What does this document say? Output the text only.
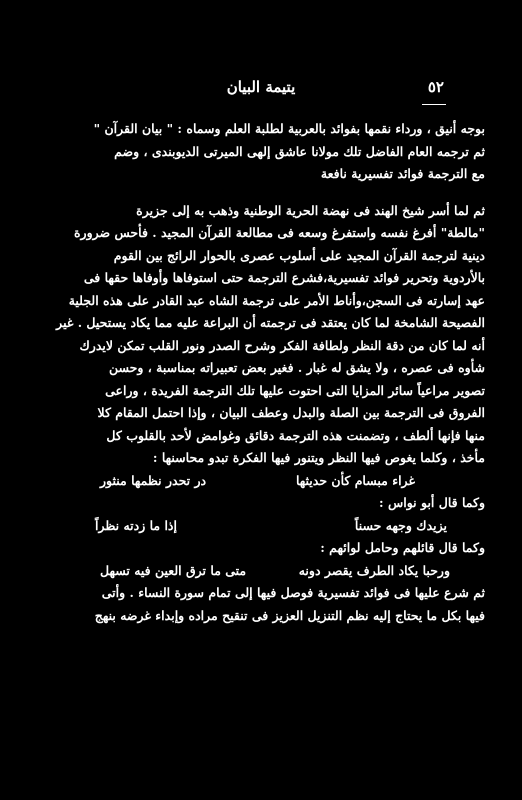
٥٢
يتيمة البيان
بوجه أنيق ، ورداء نقمها بفوائد بالعربية لطلبة العلم وسماه : " بيان القرآن "
ثم ترجمه العام الفاضل تلك مولانا عاشق إلهى الميرتى الديوبندى ، وضم
مع الترجمة فوائد تفسيرية نافعة
ثم لما أسر شيخ الهند فى نهضة الحرية الوطنية وذهب به إلى جزيرة
"مالطة" أفرغ نفسه واستفرغ وسعه فى مطالعة القرآن المجيد . فأحس ضرورة
دينية لترجمة القرآن المجيد على أسلوب عصرى بالحوار الرائج بين القوم
بالأردوية وتحرير فوائد تفسيرية،فشرع الترجمة حتى استوفاها وأوفاها حقها فى
عهد إسارته فى السجن،وأناط الأمر على ترجمة الشاه عبد القادر على هذه الجلية
الفصيحة الشامخة لما كان يعتقد فى ترجمته أن البراعة عليه مما يكاد يستحيل . غير
أنه لما كان من دقة النظر ولطافة الفكر وشرح الصدر ونور القلب تمكن لايدرك
شأوه فى عصره ، ولا يشق له غبار . فغير بعض تعبيراته بمناسبة ، وحسن
تصوير مراعياً سائر المزايا التى احتوت عليها تلك الترجمة الفريدة ، وراعى
الفروق فى الترجمة بين الصلة والبدل وعطف البيان ، وإذا احتمل المقام كلا
منها فإنها ألطف ، وتضمنت هذه الترجمة دقائق وغوامض لأحد بالقلوب كل
مأخذ ، وكلما يغوص فيها النظر ويتنور فيها الفكرة تبدو محاسنها :
غراء مبسام كأن حديثها
در تحدر نظمها منثور
وكما قال أبو نواس :
يزيدك وجهه حسناً
إذا ما زدته نظراً
وكما قال قائلهم وحامل لوائهم :
ورحبا يكاد الطرف يقصر دونه
متى ما ترق العين فيه تسهل
ثم شرع عليها فى فوائد تفسيرية فوصل فيها إلى تمام سورة النساء . وأتى
فيها بكل ما يحتاج إليه نظم التنزيل العزيز فى تنقيح مراده وإبداء غرضه بنهج
